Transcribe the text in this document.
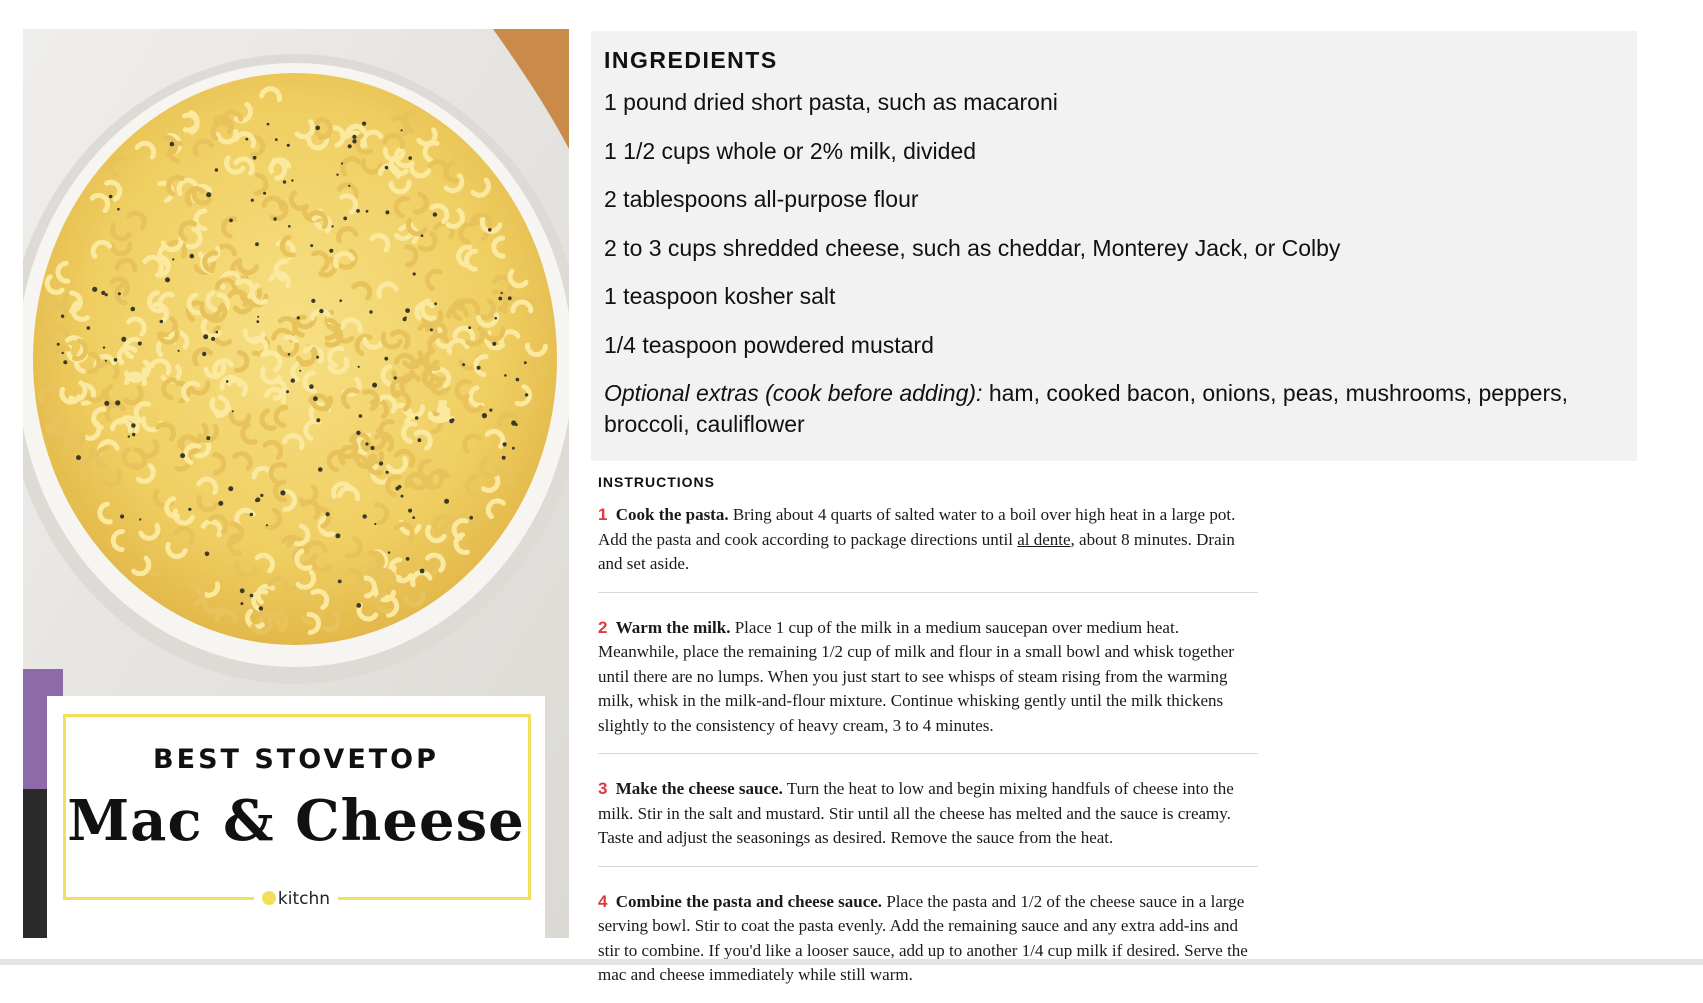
BEST STOVETOP
Mac & Cheese
kitchn
INGREDIENTS
1 pound dried short pasta, such as macaroni
1 1/2 cups whole or 2% milk, divided
2 tablespoons all-purpose flour
2 to 3 cups shredded cheese, such as cheddar, Monterey Jack, or Colby
1 teaspoon kosher salt
1/4 teaspoon powdered mustard
Optional extras (cook before adding): ham, cooked bacon, onions, peas, mushrooms, peppers, broccoli, cauliflower
INSTRUCTIONS
1 Cook the pasta. Bring about 4 quarts of salted water to a boil over high heat in a large pot. Add the pasta and cook according to package directions until al dente, about 8 minutes. Drain and set aside.
2 Warm the milk. Place 1 cup of the milk in a medium saucepan over medium heat. Meanwhile, place the remaining 1/2 cup of milk and flour in a small bowl and whisk together until there are no lumps. When you just start to see whisps of steam rising from the warming milk, whisk in the milk-and-flour mixture. Continue whisking gently until the milk thickens slightly to the consistency of heavy cream, 3 to 4 minutes.
3 Make the cheese sauce. Turn the heat to low and begin mixing handfuls of cheese into the milk. Stir in the salt and mustard. Stir until all the cheese has melted and the sauce is creamy. Taste and adjust the seasonings as desired. Remove the sauce from the heat.
4 Combine the pasta and cheese sauce. Place the pasta and 1/2 of the cheese sauce in a large serving bowl. Stir to coat the pasta evenly. Add the remaining sauce and any extra add-ins and stir to combine. If you'd like a looser sauce, add up to another 1/4 cup milk if desired. Serve the mac and cheese immediately while still warm.
